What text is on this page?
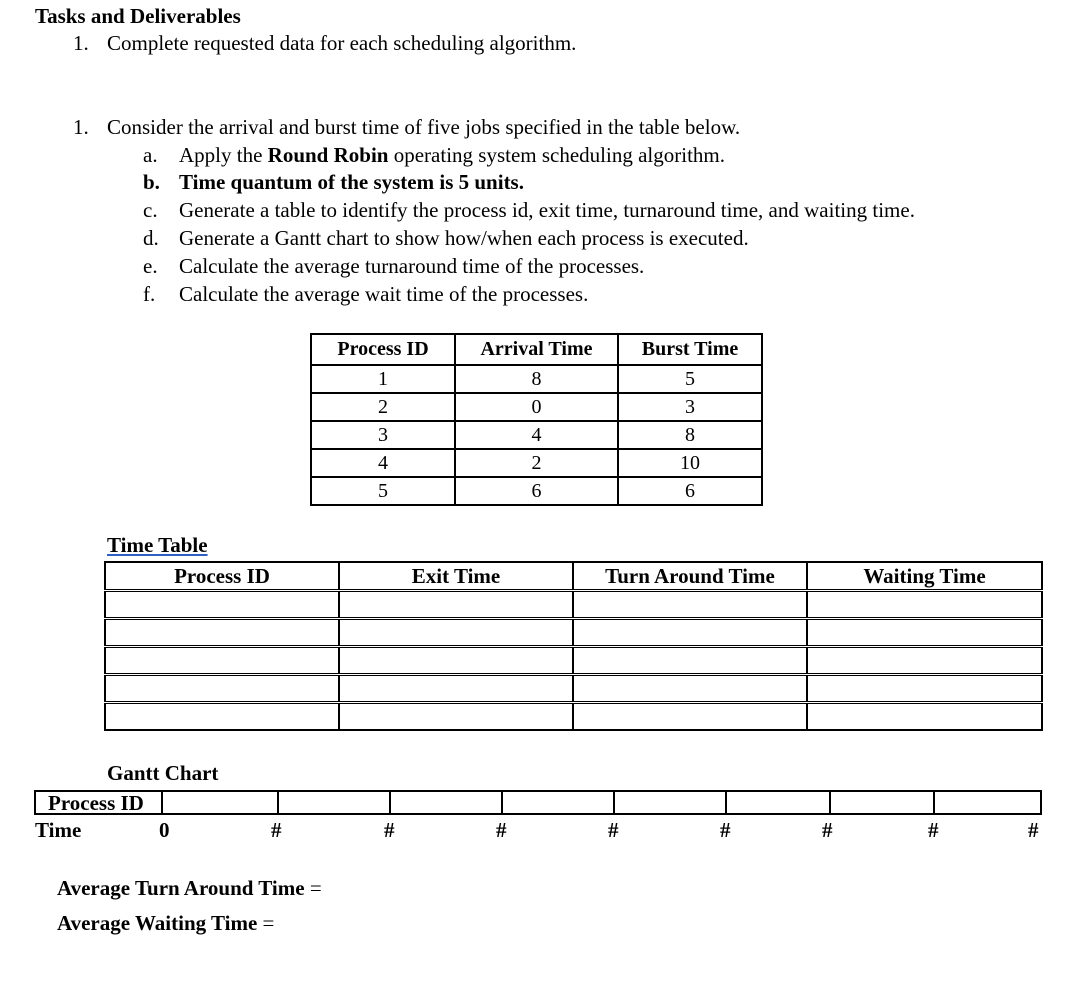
Tasks and Deliverables
1. Complete requested data for each scheduling algorithm.
1. Consider the arrival and burst time of five jobs specified in the table below.
a. Apply the Round Robin operating system scheduling algorithm.
b. Time quantum of the system is 5 units.
c. Generate a table to identify the process id, exit time, turnaround time, and waiting time.
d. Generate a Gantt chart to show how/when each process is executed.
e. Calculate the average turnaround time of the processes.
f. Calculate the average wait time of the processes.
Process ID	Arrival Time	Burst Time
1	8	5
2	0	3
3	4	8
4	2	10
5	6	6
Time Table
Process ID	Exit Time	Turn Around Time	Waiting Time

Gantt Chart
Process ID
Time	0	#	#	#	#	#	#	#	#
Average Turn Around Time =
Average Waiting Time =
